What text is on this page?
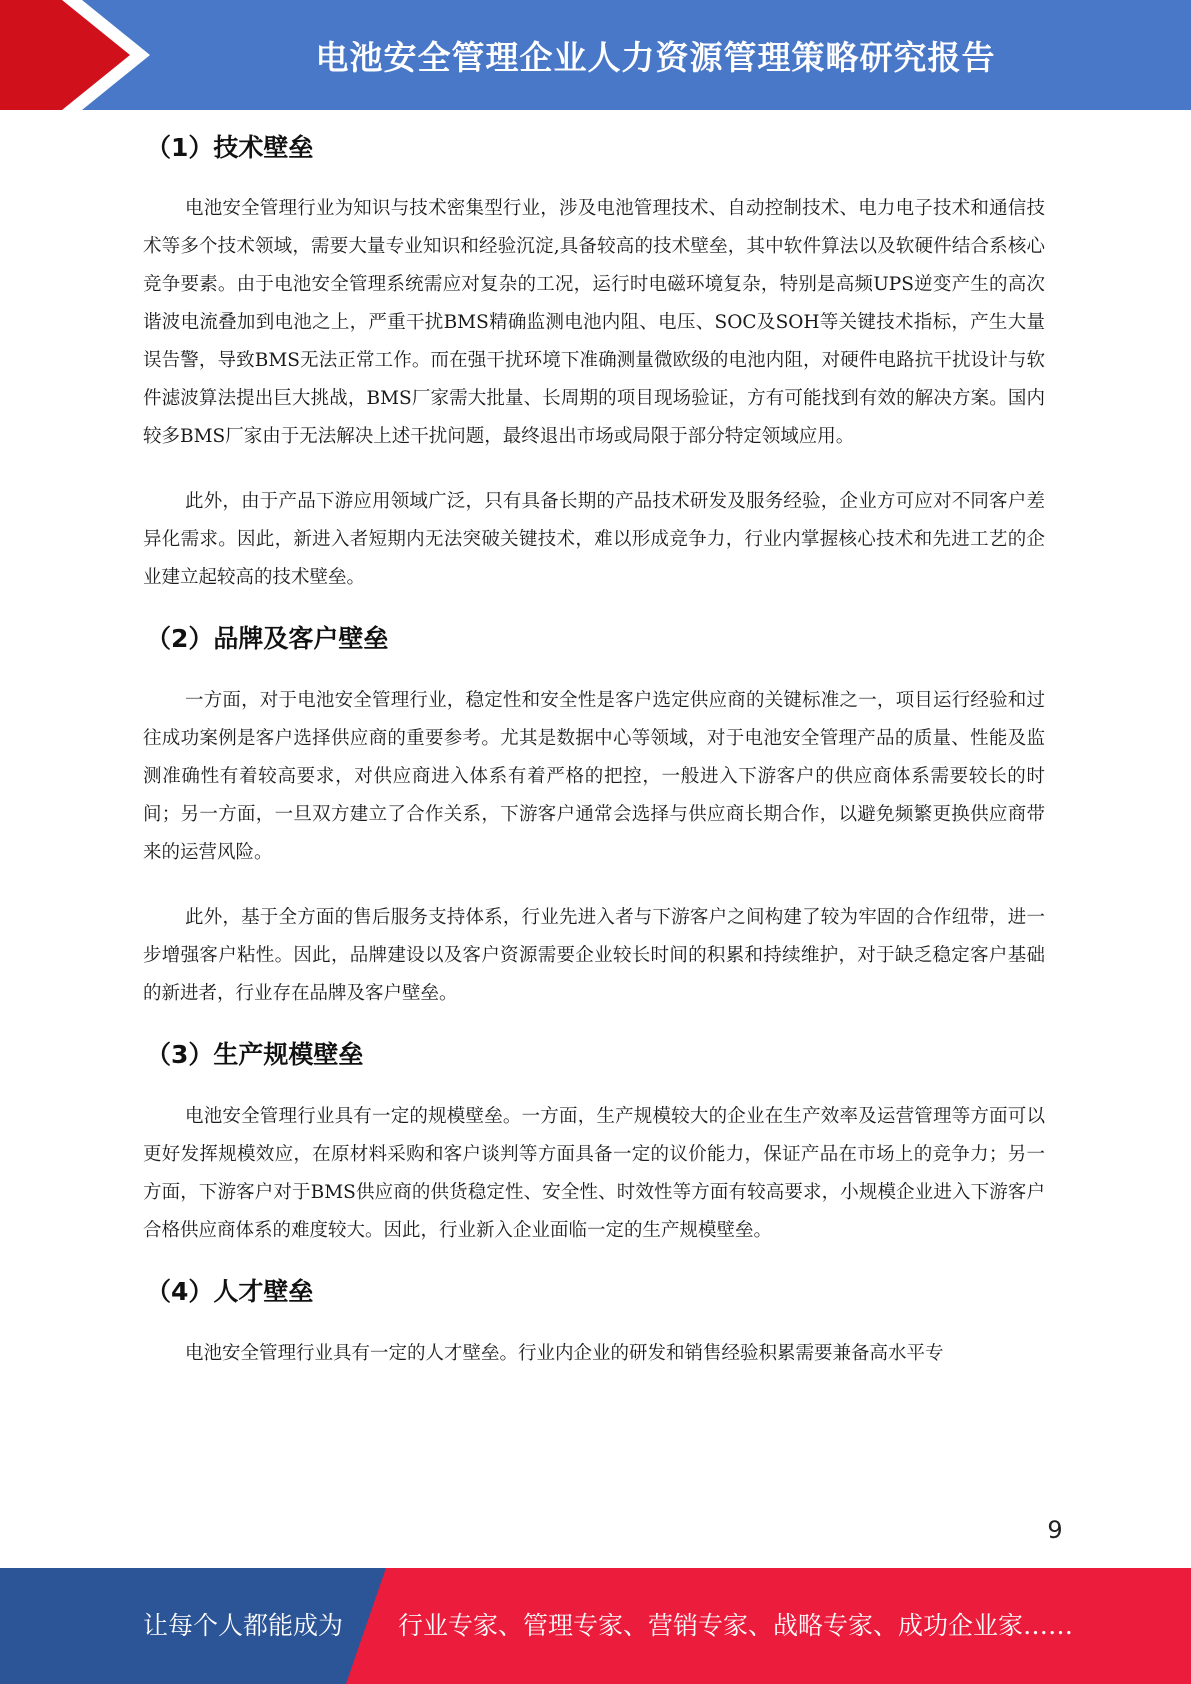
电池安全管理企业人力资源管理策略研究报告
（1）技术壁垒

电池安全管理行业为知识与技术密集型行业，涉及电池管理技术、自动控制技术、电力电子技术和通信技术等多个技术领域，需要大量专业知识和经验沉淀,具备较高的技术壁垒，其中软件算法以及软硬件结合系核心竞争要素。由于电池安全管理系统需应对复杂的工况，运行时电磁环境复杂，特别是高频UPS逆变产生的高次谐波电流叠加到电池之上，严重干扰BMS精确监测电池内阻、电压、SOC及SOH等关键技术指标，产生大量误告警，导致BMS无法正常工作。而在强干扰环境下准确测量微欧级的电池内阻，对硬件电路抗干扰设计与软件滤波算法提出巨大挑战，BMS厂家需大批量、长周期的项目现场验证，方有可能找到有效的解决方案。国内较多BMS厂家由于无法解决上述干扰问题，最终退出市场或局限于部分特定领域应用。

此外，由于产品下游应用领域广泛，只有具备长期的产品技术研发及服务经验，企业方可应对不同客户差异化需求。因此，新进入者短期内无法突破关键技术，难以形成竞争力，行业内掌握核心技术和先进工艺的企业建立起较高的技术壁垒。

（2）品牌及客户壁垒

一方面，对于电池安全管理行业，稳定性和安全性是客户选定供应商的关键标准之一，项目运行经验和过往成功案例是客户选择供应商的重要参考。尤其是数据中心等领域，对于电池安全管理产品的质量、性能及监测准确性有着较高要求，对供应商进入体系有着严格的把控，一般进入下游客户的供应商体系需要较长的时间；另一方面，一旦双方建立了合作关系，下游客户通常会选择与供应商长期合作，以避免频繁更换供应商带来的运营风险。

此外，基于全方面的售后服务支持体系，行业先进入者与下游客户之间构建了较为牢固的合作纽带，进一步增强客户粘性。因此，品牌建设以及客户资源需要企业较长时间的积累和持续维护，对于缺乏稳定客户基础的新进者，行业存在品牌及客户壁垒。

（3）生产规模壁垒

电池安全管理行业具有一定的规模壁垒。一方面，生产规模较大的企业在生产效率及运营管理等方面可以更好发挥规模效应，在原材料采购和客户谈判等方面具备一定的议价能力，保证产品在市场上的竞争力；另一方面，下游客户对于BMS供应商的供货稳定性、安全性、时效性等方面有较高要求，小规模企业进入下游客户合格供应商体系的难度较大。因此，行业新入企业面临一定的生产规模壁垒。

（4）人才壁垒

电池安全管理行业具有一定的人才壁垒。行业内企业的研发和销售经验积累需要兼备高水平专

9
让每个人都能成为 行业专家、管理专家、营销专家、战略专家、成功企业家……
